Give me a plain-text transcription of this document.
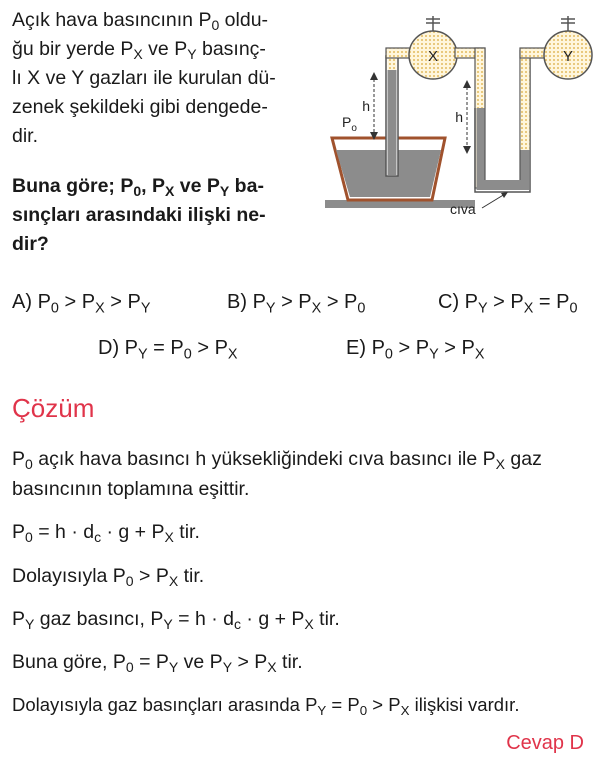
Açık hava basıncının $P_0$ oldu-
ğu bir yerde $P_X$ ve $P_Y$ basınç-
lı X ve Y gazları ile kurulan dü-
zenek şekildeki gibi dengede-
dir.
Buna göre; $P_0$, $P_X$ ve $P_Y$ ba-
sınçları arasındaki ilişki ne-
dir?
X	Y
h
$P_o$
h
cıva
A) $P_0 > P_X > P_Y$	B) $P_Y > P_X > P_0$	C) $P_Y > P_X = P_0$
D) $P_Y = P_0 > P_X$	E) $P_0 > P_Y > P_X$
Çözüm
$P_0$ açık hava basıncı h yüksekliğindeki cıva basıncı ile $P_X$ gaz
basıncının toplamına eşittir.
$P_0 = h \cdot d_c \cdot g + P_X$ tir.
Dolayısıyla $P_0 > P_X$ tir.
$P_Y$ gaz basıncı, $P_Y = h \cdot d_c \cdot g + P_X$ tir.
Buna göre, $P_0 = P_Y$ ve $P_Y > P_X$ tir.
Dolayısıyla gaz basınçları arasında $P_Y = P_0 > P_X$ ilişkisi vardır.
Cevap D
